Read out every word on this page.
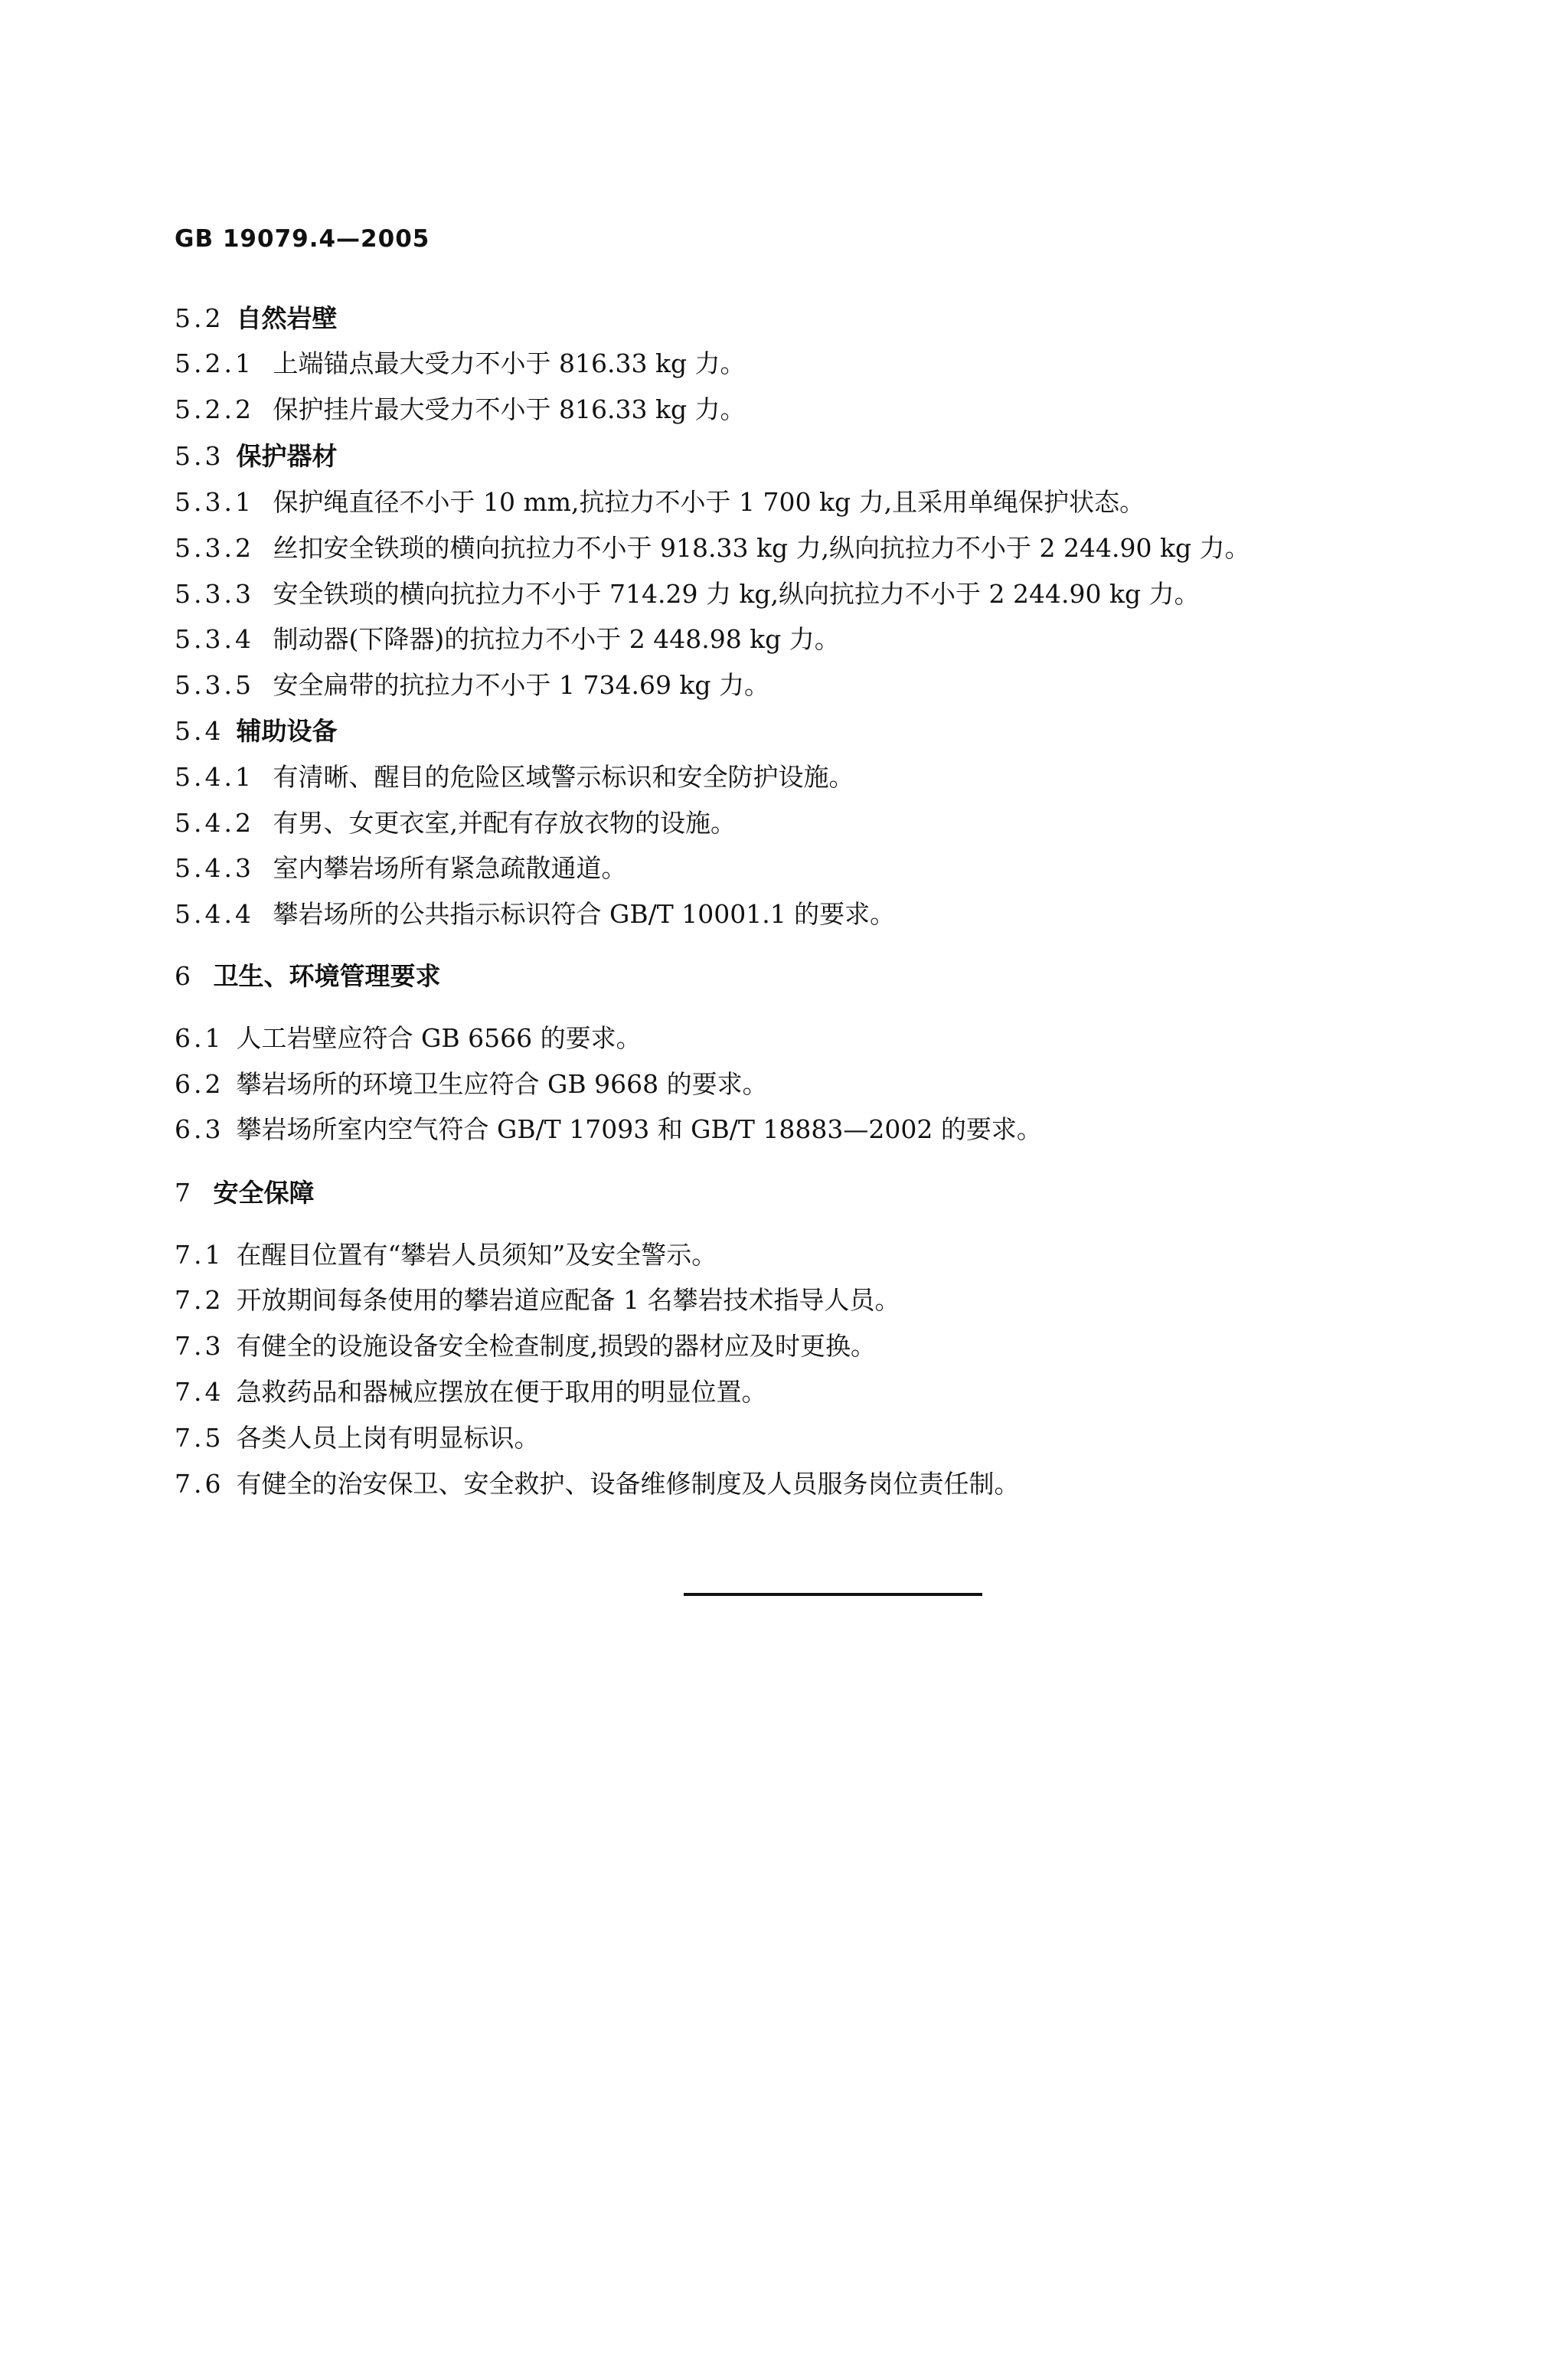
GB 19079.4—2005
5.2 自然岩壁
5.2.1 上端锚点最大受力不小于 816.33 kg 力。
5.2.2 保护挂片最大受力不小于 816.33 kg 力。
5.3 保护器材
5.3.1 保护绳直径不小于 10 mm,抗拉力不小于 1 700 kg 力,且采用单绳保护状态。
5.3.2 丝扣安全铁琐的横向抗拉力不小于 918.33 kg 力,纵向抗拉力不小于 2 244.90 kg 力。
5.3.3 安全铁琐的横向抗拉力不小于 714.29 力 kg,纵向抗拉力不小于 2 244.90 kg 力。
5.3.4 制动器(下降器)的抗拉力不小于 2 448.98 kg 力。
5.3.5 安全扁带的抗拉力不小于 1 734.69 kg 力。
5.4 辅助设备
5.4.1 有清晰、醒目的危险区域警示标识和安全防护设施。
5.4.2 有男、女更衣室,并配有存放衣物的设施。
5.4.3 室内攀岩场所有紧急疏散通道。
5.4.4 攀岩场所的公共指示标识符合 GB/T 10001.1 的要求。
6 卫生、环境管理要求
6.1 人工岩壁应符合 GB 6566 的要求。
6.2 攀岩场所的环境卫生应符合 GB 9668 的要求。
6.3 攀岩场所室内空气符合 GB/T 17093 和 GB/T 18883—2002 的要求。
7 安全保障
7.1 在醒目位置有“攀岩人员须知”及安全警示。
7.2 开放期间每条使用的攀岩道应配备 1 名攀岩技术指导人员。
7.3 有健全的设施设备安全检查制度,损毁的器材应及时更换。
7.4 急救药品和器械应摆放在便于取用的明显位置。
7.5 各类人员上岗有明显标识。
7.6 有健全的治安保卫、安全救护、设备维修制度及人员服务岗位责任制。
